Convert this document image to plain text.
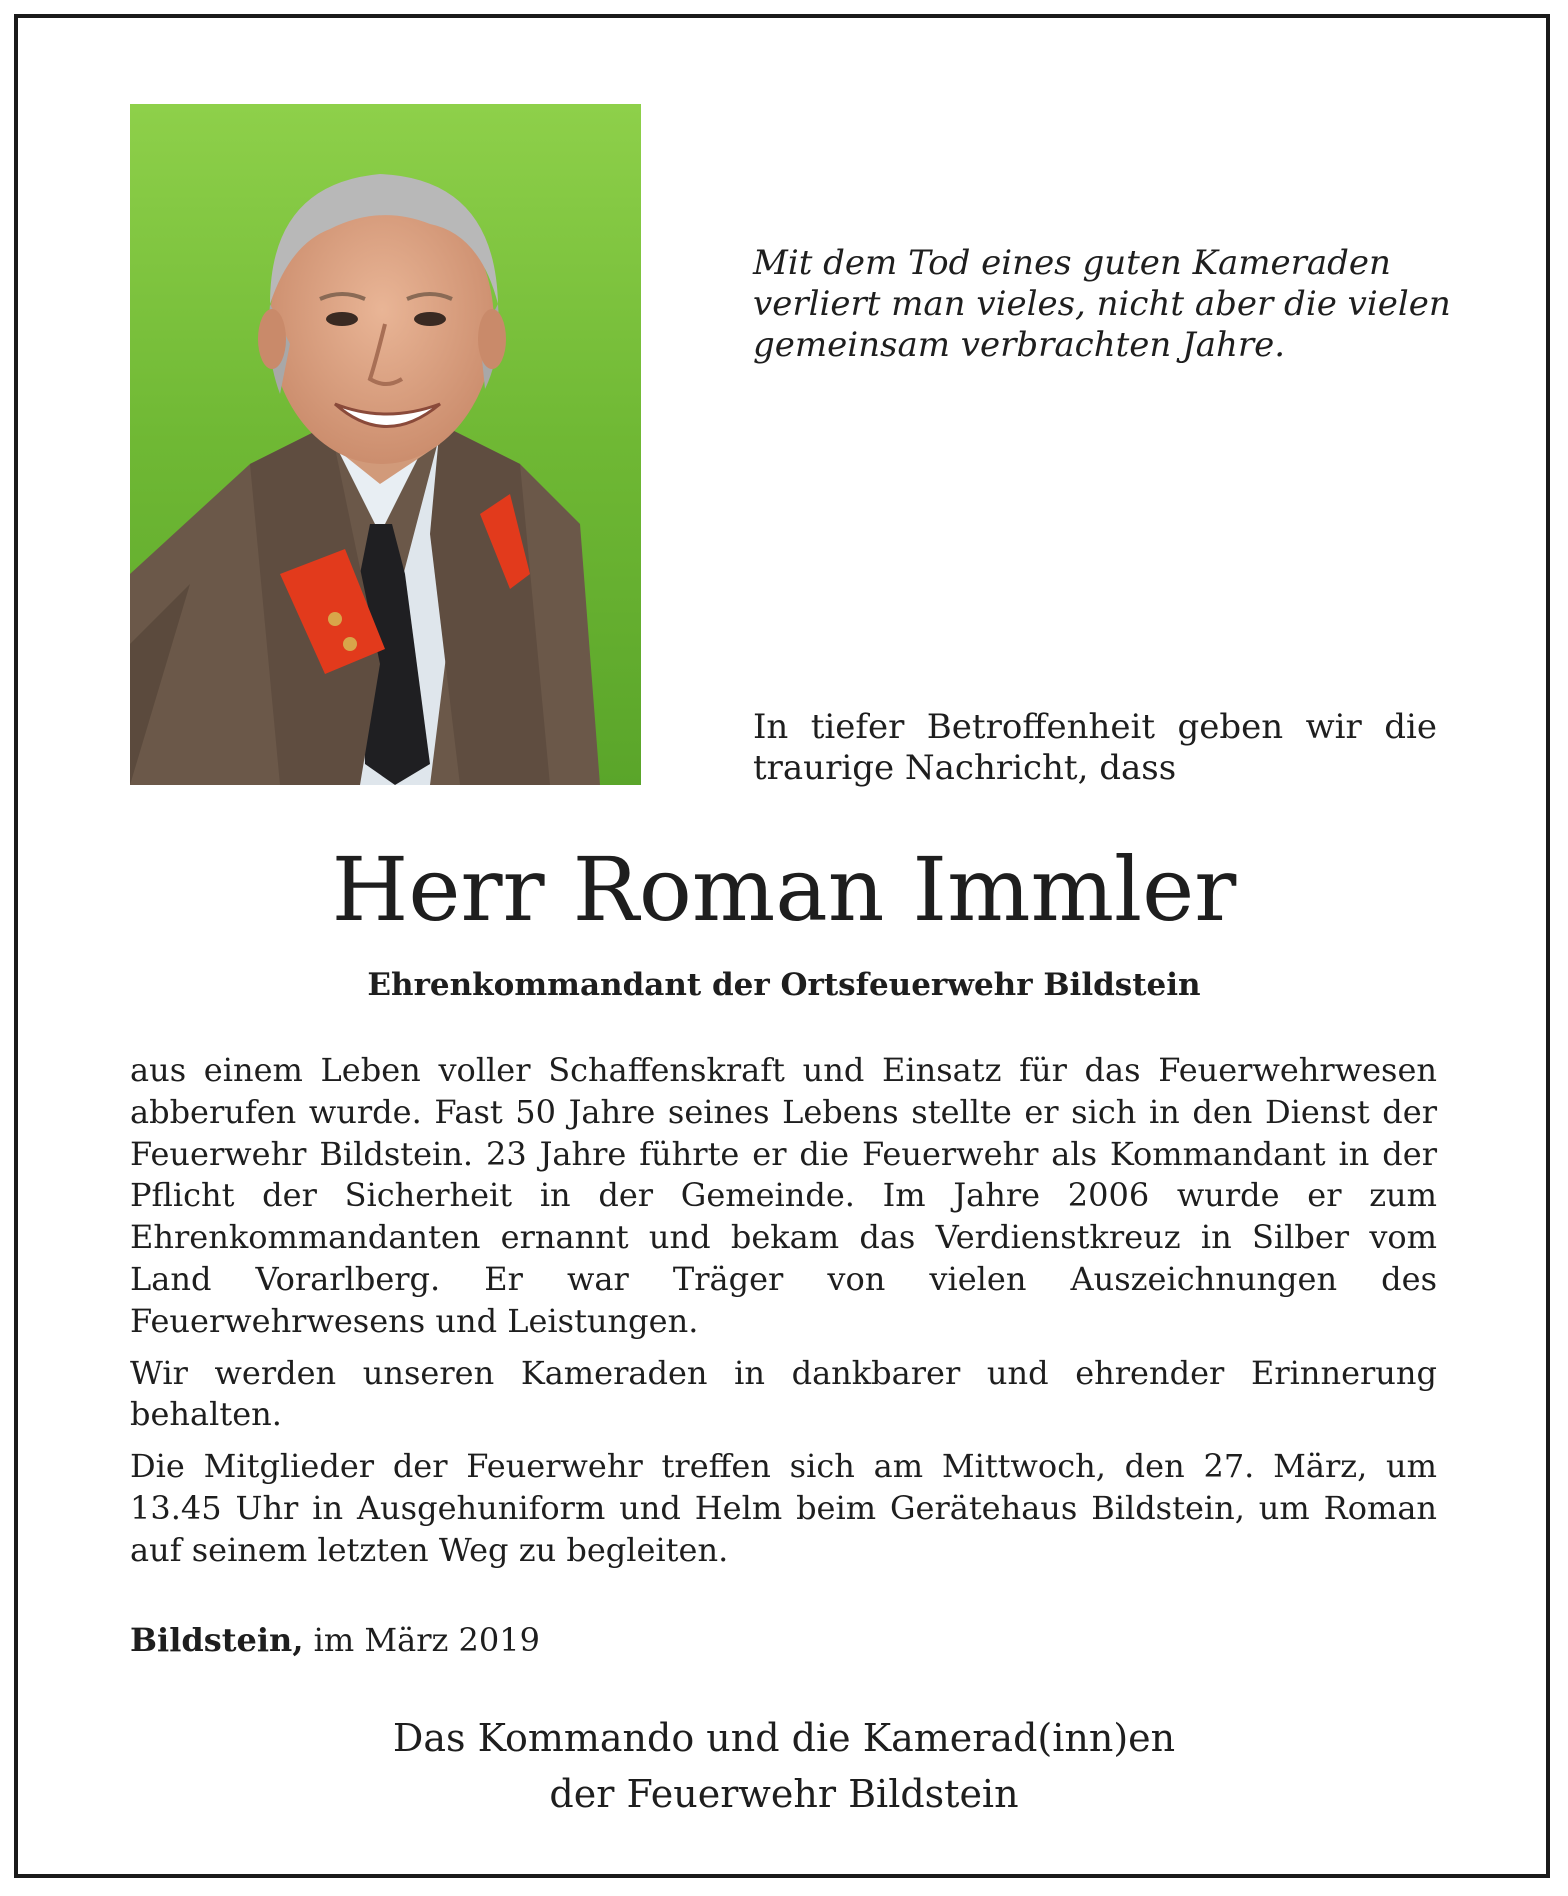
Mit dem Tod eines guten Kameraden
verliert man vieles, nicht aber die vielen
gemeinsam verbrachten Jahre.
In tiefer Betroffenheit geben wir die traurige Nachricht, dass
Herr Roman Immler
Ehrenkommandant der Ortsfeuerwehr Bildstein

aus einem Leben voller Schaffenskraft und Einsatz für das Feuerwehrwesen abberufen wurde. Fast 50 Jahre seines Lebens stellte er sich in den Dienst der Feuerwehr Bildstein. 23 Jahre führte er die Feuerwehr als Kommandant in der Pflicht der Sicherheit in der Gemeinde. Im Jahre 2006 wurde er zum Ehrenkommandanten ernannt und bekam das Verdienstkreuz in Silber vom Land Vorarlberg. Er war Träger von vielen Auszeichnungen des Feuerwehrwesens und Leistungen.

Wir werden unseren Kameraden in dankbarer und ehrender Erinnerung behalten.

Die Mitglieder der Feuerwehr treffen sich am Mittwoch, den 27. März, um 13.45 Uhr in Ausgehuniform und Helm beim Gerätehaus Bildstein, um Roman auf seinem letzten Weg zu begleiten.

Bildstein, im März 2019
Das Kommando und die Kamerad(inn)en
der Feuerwehr Bildstein
